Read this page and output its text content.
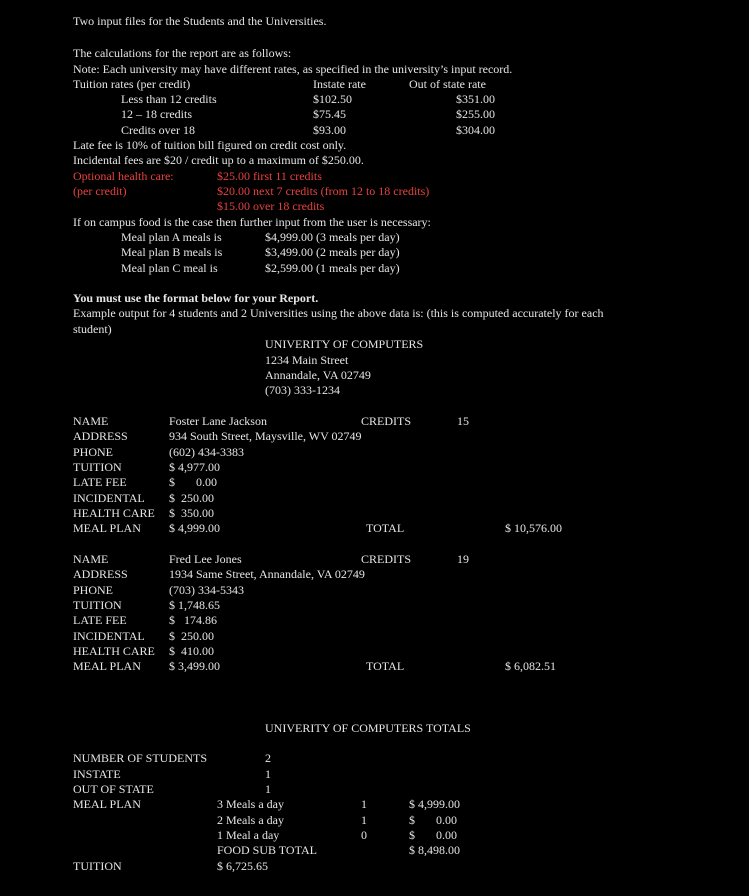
Two input files for the Students and the Universities.
The calculations for the report are as follows:
Note: Each university may have different rates, as specified in the university’s input record.
Tuition rates (per credit)	Instate rate	Out of state rate
Less than 12 credits	$102.50	$351.00
12 – 18 credits	$75.45	$255.00
Credits over 18	$93.00	$304.00
Late fee is 10% of tuition bill figured on credit cost only.
Incidental fees are $20 / credit up to a maximum of $250.00.
Optional health care:
(per credit)
$25.00 first 11 credits
$20.00 next 7 credits (from 12 to 18 credits)
$15.00 over 18 credits
If on campus food is the case then further input from the user is necessary:
Meal plan A meals is	$4,999.00 (3 meals per day)
Meal plan B meals is	$3,499.00 (2 meals per day)
Meal plan C meal is	$2,599.00 (1 meals per day)
You must use the format below for your Report.
Example output for 4 students and 2 Universities using the above data is: (this is computed accurately for each
student)
UNIVERITY OF COMPUTERS
1234 Main Street
Annandale, VA 02749
(703) 333-1234
NAME	Foster Lane Jackson	CREDITS	15
ADDRESS	934 South Street, Maysville, WV 02749
PHONE	(602) 434-3383
TUITION	$ 4,977.00
LATE FEE	$       0.00
INCIDENTAL $  250.00
HEALTH CARE $  350.00
MEAL PLAN $ 4,999.00	TOTAL	$ 10,576.00
NAME	Fred Lee Jones	CREDITS	19
ADDRESS	1934 Same Street, Annandale, VA 02749
PHONE	(703) 334-5343
TUITION	$ 1,748.65
LATE FEE	$   174.86
INCIDENTAL $  250.00
HEALTH CARE $  410.00
MEAL PLAN $ 3,499.00	TOTAL	$ 6,082.51
UNIVERITY OF COMPUTERS TOTALS
NUMBER OF STUDENTS	2
INSTATE	1
OUT OF STATE	1
MEAL PLAN	3 Meals a day	1	$ 4,999.00
2 Meals a day	1	$       0.00
1 Meal a day	0	$       0.00
FOOD SUB TOTAL	$ 8,498.00
TUITION	$ 6,725.65
